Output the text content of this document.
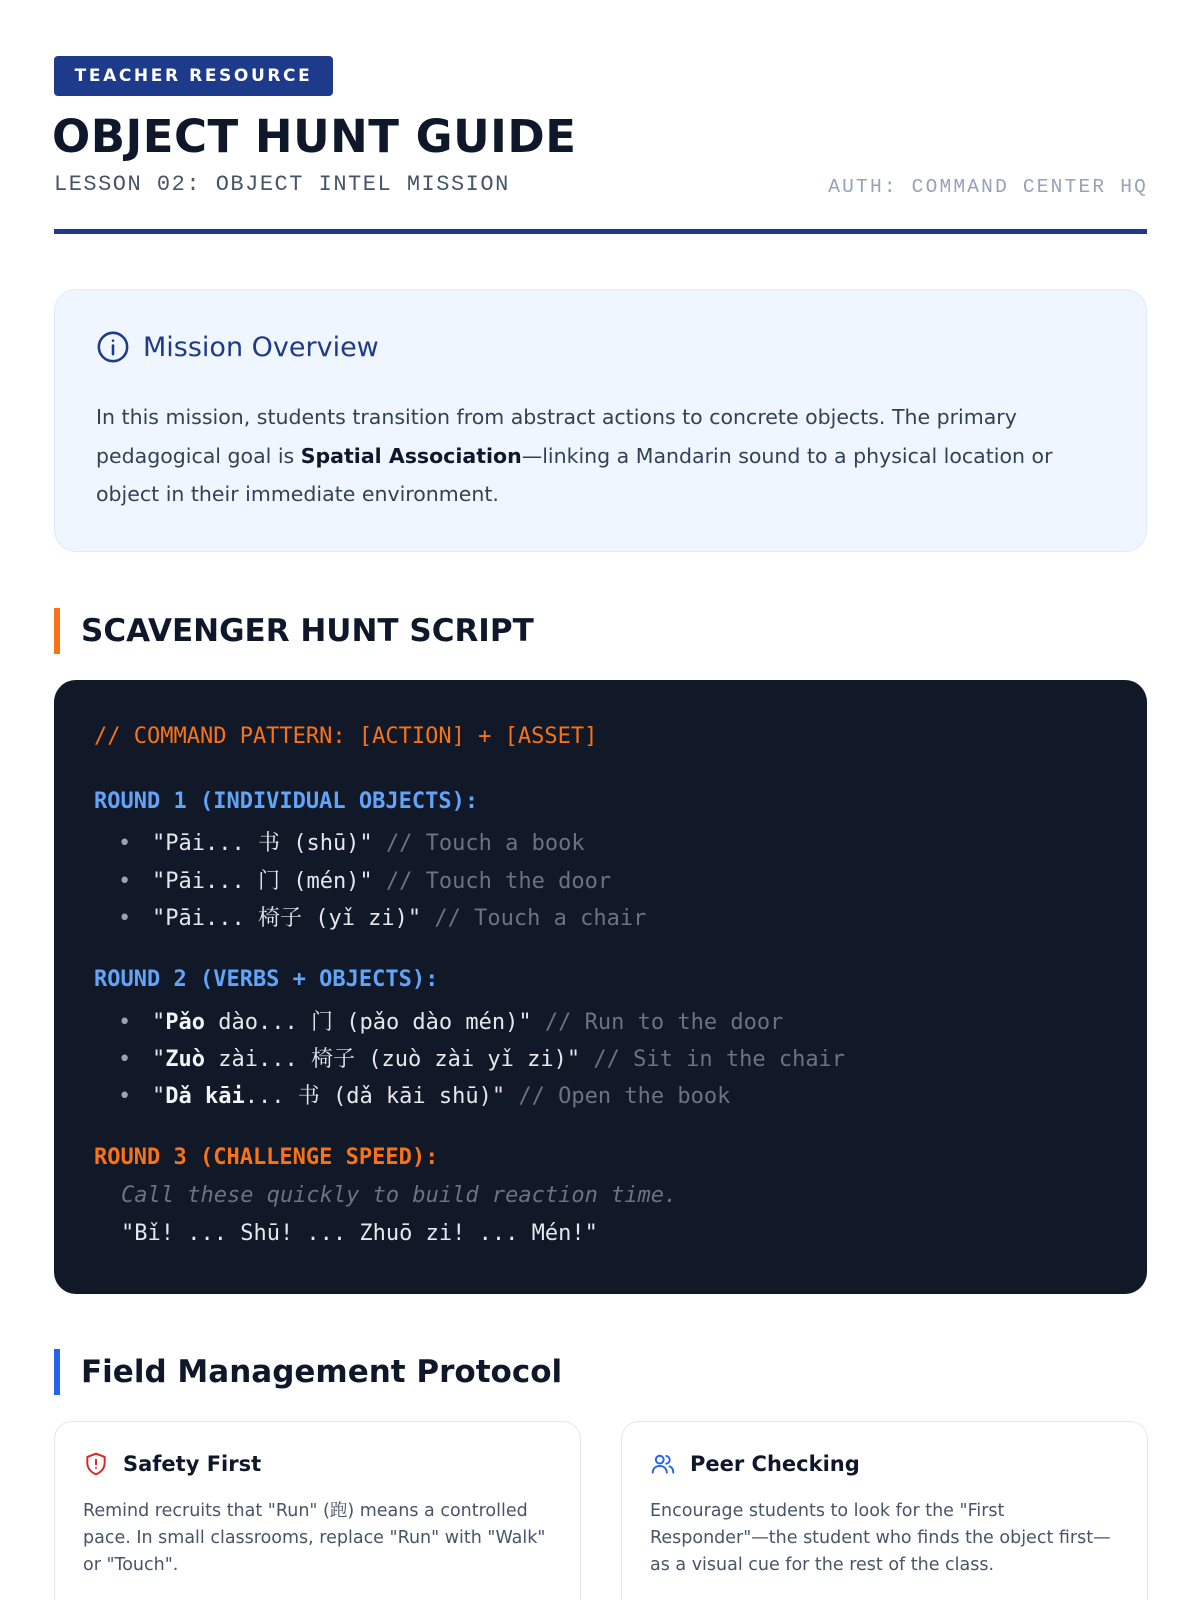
TEACHER RESOURCE
OBJECT HUNT GUIDE
LESSON 02: OBJECT INTEL MISSION	AUTH: COMMAND CENTER HQ
Mission Overview

In this mission, students transition from abstract actions to concrete objects. The primary pedagogical goal is Spatial Association—linking a Mandarin sound to a physical location or object in their immediate environment.

SCAVENGER HUNT SCRIPT
// COMMAND PATTERN: [ACTION] + [ASSET]
ROUND 1 (INDIVIDUAL OBJECTS):
• "Pāi... 书 (shū)" // Touch a book
• "Pāi... 门 (mén)" // Touch the door
• "Pāi... 椅子 (yǐ zi)" // Touch a chair
ROUND 2 (VERBS + OBJECTS):
• "Pǎo dào... 门 (pǎo dào mén)" // Run to the door
• "Zuò zài... 椅子 (zuò zài yǐ zi)" // Sit in the chair
• "Dǎ kāi... 书 (dǎ kāi shū)" // Open the book
ROUND 3 (CHALLENGE SPEED):
Call these quickly to build reaction time.
"Bǐ! ... Shū! ... Zhuō zi! ... Mén!"
Field Management Protocol
Safety First

Remind recruits that "Run" (跑) means a controlled pace. In small classrooms, replace "Run" with "Walk" or "Touch".

Peer Checking

Encourage students to look for the "First Responder"—the student who finds the object first—as a visual cue for the rest of the class.
